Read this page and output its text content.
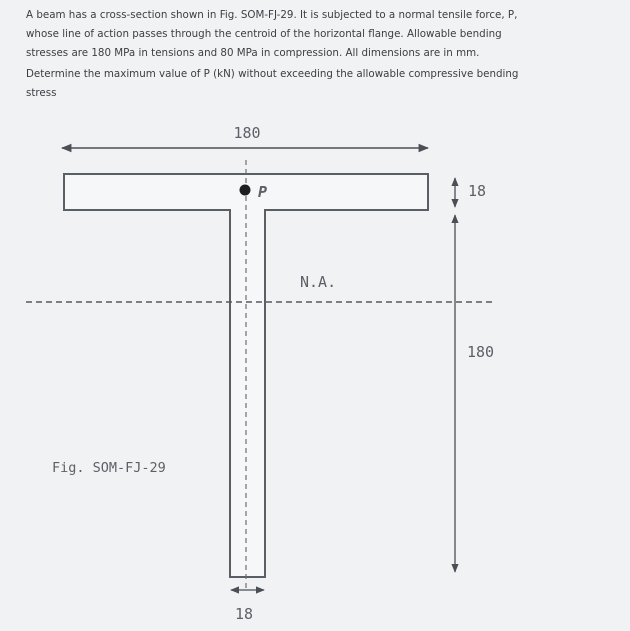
A beam has a cross-section shown in Fig. SOM-FJ-29. It is subjected to a normal tensile force, P, whose line of action passes through the centroid of the horizontal flange. Allowable bending stresses are 180 MPa in tensions and 80 MPa in compression. All dimensions are in mm.

Determine the maximum value of P (kN) without exceeding the allowable compressive bending stress

180
P	18
180
N.A.
18
Fig. SOM-FJ-29
